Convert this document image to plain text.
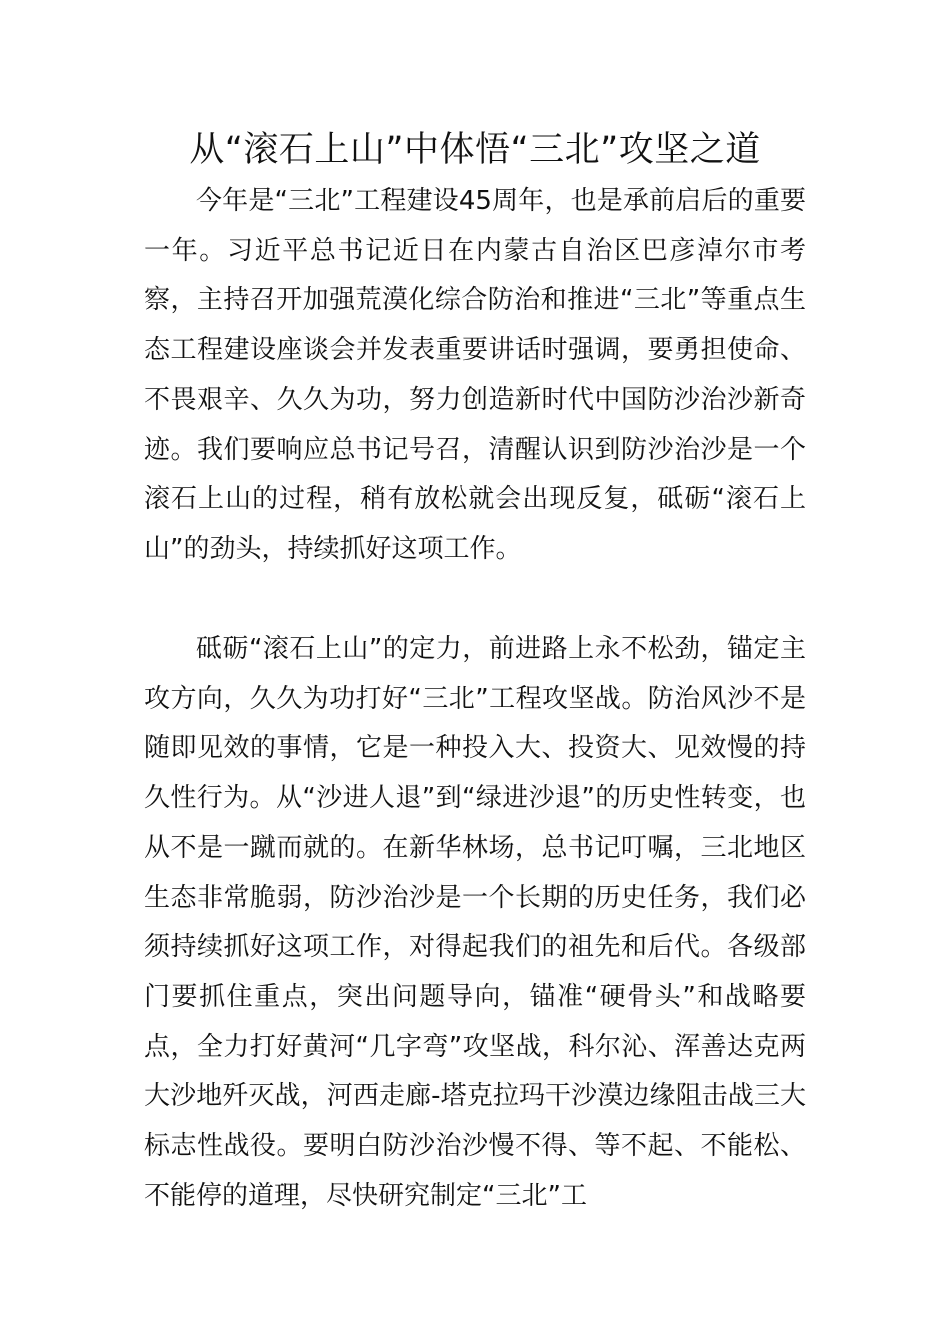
从“滚石上山”中体悟“三北”攻坚之道

今年是“三北”工程建设45周年，也是承前启后的重要一年。习近平总书记近日在内蒙古自治区巴彦淖尔市考察，主持召开加强荒漠化综合防治和推进“三北”等重点生态工程建设座谈会并发表重要讲话时强调，要勇担使命、不畏艰辛、久久为功，努力创造新时代中国防沙治沙新奇迹。我们要响应总书记号召，清醒认识到防沙治沙是一个滚石上山的过程，稍有放松就会出现反复，砥砺“滚石上山”的劲头，持续抓好这项工作。

砥砺“滚石上山”的定力，前进路上永不松劲，锚定主攻方向，久久为功打好“三北”工程攻坚战。防治风沙不是随即见效的事情，它是一种投入大、投资大、见效慢的持久性行为。从“沙进人退”到“绿进沙退”的历史性转变，也从不是一蹴而就的。在新华林场，总书记叮嘱，三北地区生态非常脆弱，防沙治沙是一个长期的历史任务，我们必须持续抓好这项工作，对得起我们的祖先和后代。各级部门要抓住重点，突出问题导向，锚准“硬骨头”和战略要点，全力打好黄河“几字弯”攻坚战，科尔沁、浑善达克两大沙地歼灭战，河西走廊-塔克拉玛干沙漠边缘阻击战三大标志性战役。要明白防沙治沙慢不得、等不起、不能松、不能停的道理，尽快研究制定“三北”工
